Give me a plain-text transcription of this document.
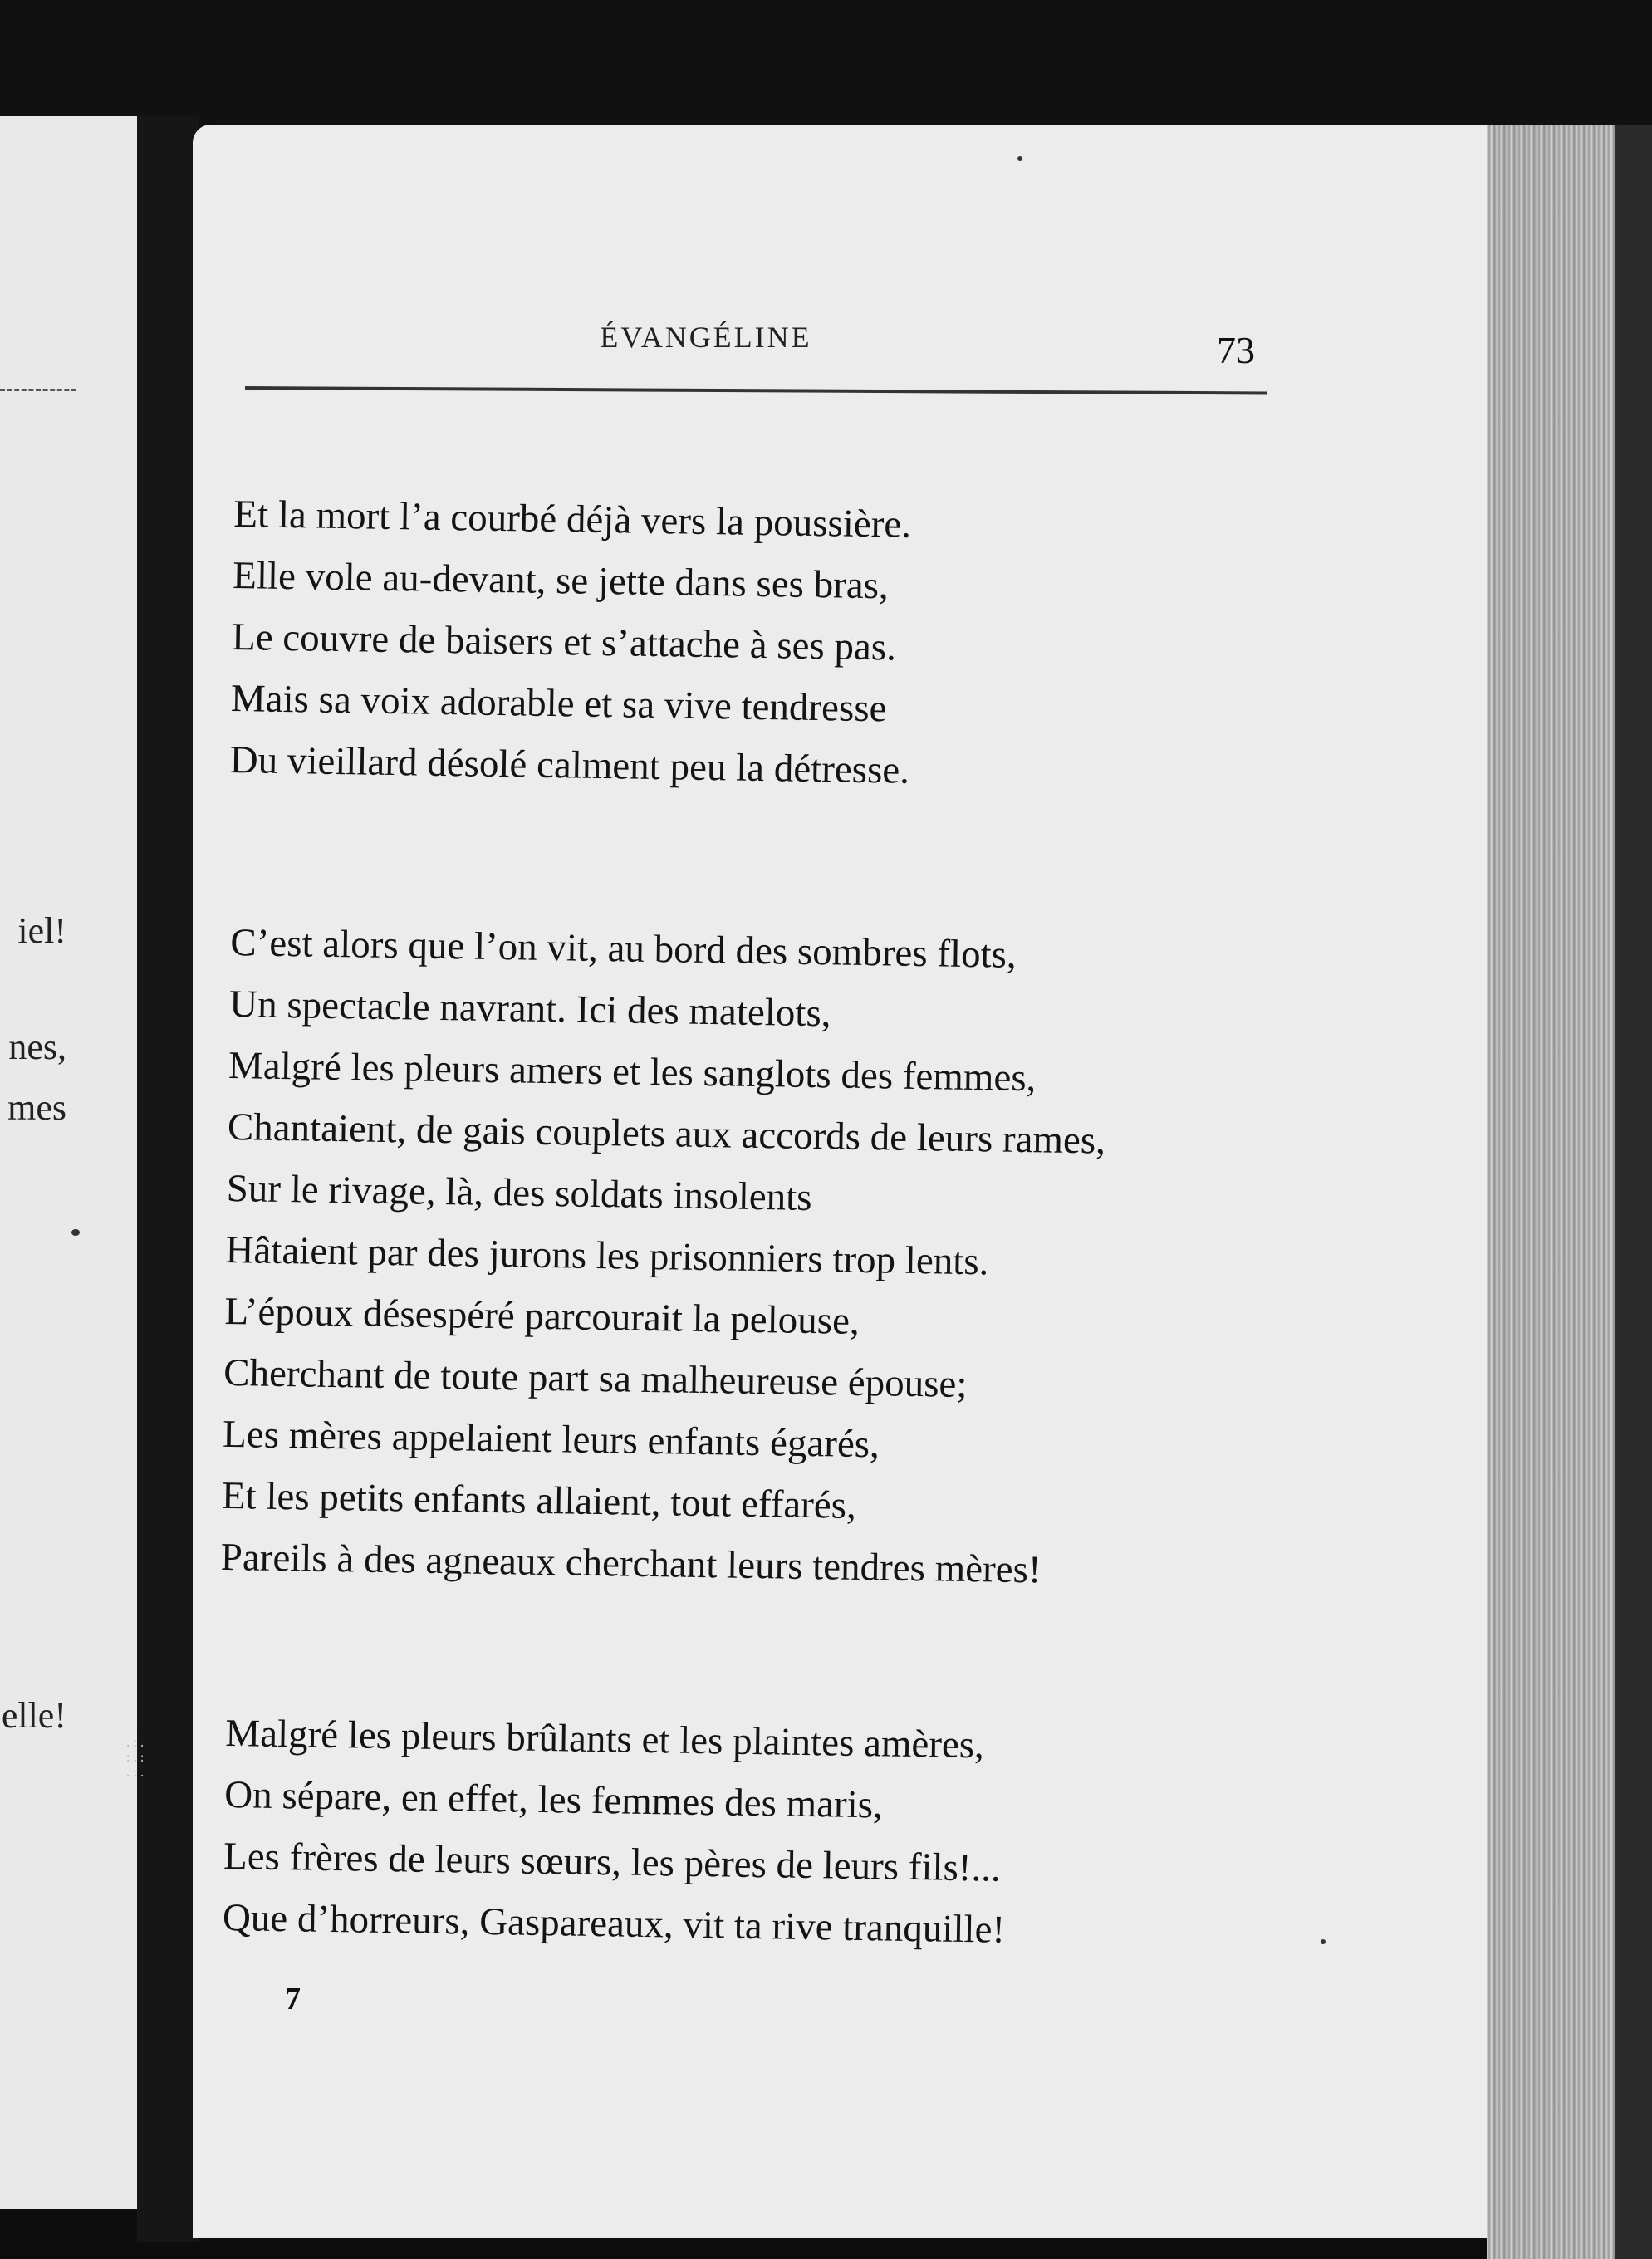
iel!
nes,
mes
elle!
.:.
:.:
.:.
ÉVANGÉLINE	73
Et la mort l’a courbé déjà vers la poussière.
Elle vole au-devant, se jette dans ses bras,
Le couvre de baisers et s’attache à ses pas.
Mais sa voix adorable et sa vive tendresse
Du vieillard désolé calment peu la détresse.
C’est alors que l’on vit, au bord des sombres flots,
Un spectacle navrant. Ici des matelots,
Malgré les pleurs amers et les sanglots des femmes,
Chantaient, de gais couplets aux accords de leurs rames,
Sur le rivage, là, des soldats insolents
Hâtaient par des jurons les prisonniers trop lents.
L’époux désespéré parcourait la pelouse,
Cherchant de toute part sa malheureuse épouse;
Les mères appelaient leurs enfants égarés,
Et les petits enfants allaient, tout effarés,
Pareils à des agneaux cherchant leurs tendres mères!
Malgré les pleurs brûlants et les plaintes amères,
On sépare, en effet, les femmes des maris,
Les frères de leurs sœurs, les pères de leurs fils!...
Que d’horreurs, Gaspareaux, vit ta rive tranquille!
7
